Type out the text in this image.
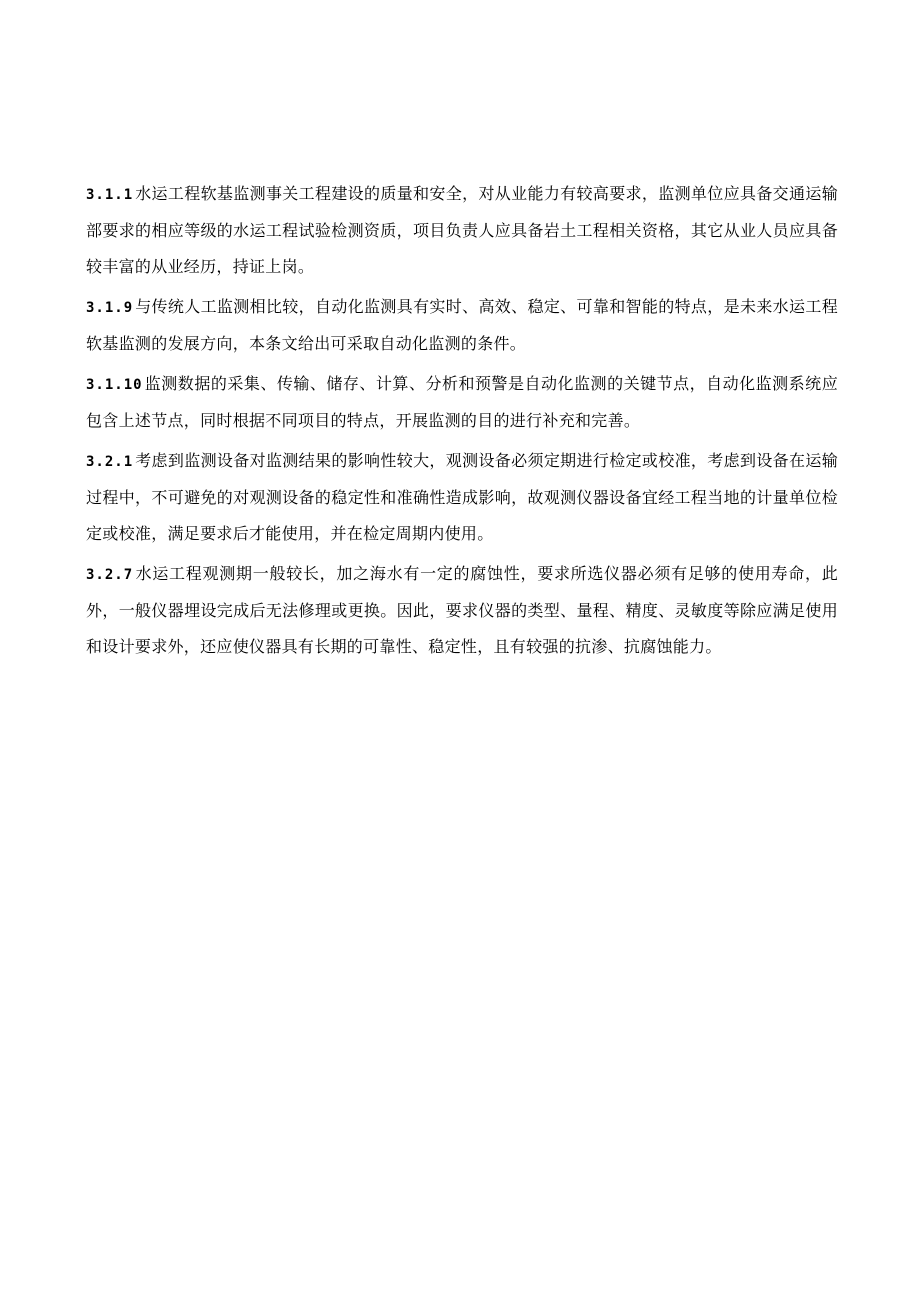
3.1.1 水运工程软基监测事关工程建设的质量和安全，对从业能力有较高要求，监测单位应具备交通运输部要求的相应等级的水运工程试验检测资质，项目负责人应具备岩土工程相关资格，其它从业人员应具备较丰富的从业经历，持证上岗。

3.1.9 与传统人工监测相比较，自动化监测具有实时、高效、稳定、可靠和智能的特点，是未来水运工程软基监测的发展方向，本条文给出可采取自动化监测的条件。

3.1.10 监测数据的采集、传输、储存、计算、分析和预警是自动化监测的关键节点，自动化监测系统应包含上述节点，同时根据不同项目的特点，开展监测的目的进行补充和完善。

3.2.1 考虑到监测设备对监测结果的影响性较大，观测设备必须定期进行检定或校准，考虑到设备在运输过程中，不可避免的对观测设备的稳定性和准确性造成影响，故观测仪器设备宜经工程当地的计量单位检定或校准，满足要求后才能使用，并在检定周期内使用。

3.2.7 水运工程观测期一般较长，加之海水有一定的腐蚀性，要求所选仪器必须有足够的使用寿命，此外，一般仪器埋设完成后无法修理或更换。因此，要求仪器的类型、量程、精度、灵敏度等除应满足使用和设计要求外，还应使仪器具有长期的可靠性、稳定性，且有较强的抗渗、抗腐蚀能力。
